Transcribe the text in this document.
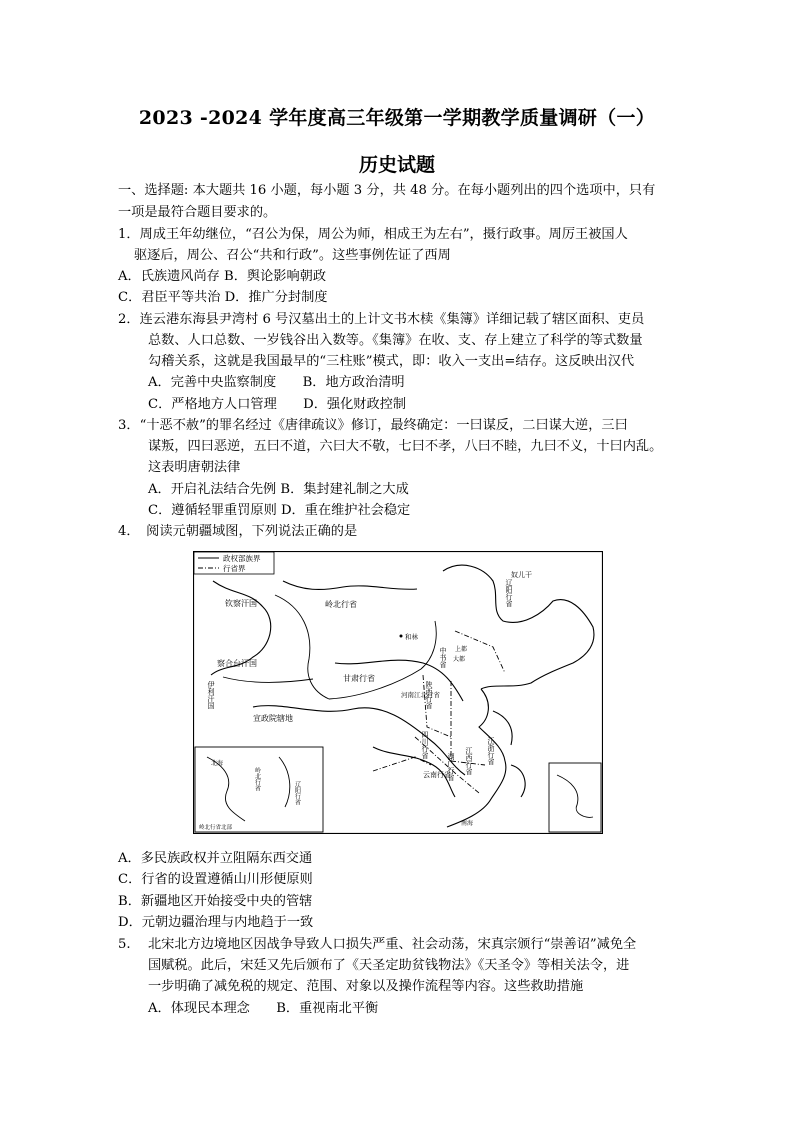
2023 -2024 学年度高三年级第一学期教学质量调研（一）
历史试题
一、选择题: 本大题共 16 小题，每小题 3 分，共 48 分。在每小题列出的四个选项中，只有
一项是最符合题目要求的。
1．周成王年幼继位，“召公为保，周公为师，相成王为左右”，摄行政事。周厉王被国人
驱逐后，周公、召公“共和行政”。这些事例佐证了西周
A．氏族遗风尚存 B．舆论影响朝政
C．君臣平等共治 D．推广分封制度
2．连云港东海县尹湾村 6 号汉墓出土的上计文书木椟《集簿》详细记载了辖区面积、吏员
总数、人口总数、一岁钱谷出入数等。《集簿》在收、支、存上建立了科学的等式数量
勾稽关系，这就是我国最早的“三柱账”模式，即：收入一支出=结存。这反映出汉代
A．完善中央监察制度　　B．地方政治清明
C．严格地方人口管理　　D．强化财政控制
3．“十恶不赦”的罪名经过《唐律疏议》修订，最终确定：一曰谋反，二曰谋大逆，三曰
谋叛，四曰恶逆，五曰不道，六曰大不敬，七曰不孝，八曰不睦，九曰不义，十曰内乱。
这表明唐朝法律
A．开启礼法结合先例 B．集封建礼制之大成
C．遵循轻罪重罚原则 D．重在维护社会稳定
4．　阅读元朝疆域图，下列说法正确的是
政权部族界
行省界
钦察汗国	岭北行省
和林
察合台汗国
甘肃行省
宣政院辖地
云南行省
河南江北行省
奴儿干
大都
上都
南海
岭北行省北部
北海
辽阳行省
伊利汗国
中书省
陕西行省
四川行省	江浙行省
江西行省
湖广行省
岭北行省
辽阳行省
A．多民族政权并立阻隔东西交通
C．行省的设置遵循山川形便原则
B．新疆地区开始接受中央的管辖
D．元朝边疆治理与内地趋于一致
5.　 北宋北方边境地区因战争导致人口损失严重、社会动荡，宋真宗颁行“崇善诏”减免全
国赋税。此后，宋廷又先后颁布了《天圣定助贫钱物法》《天圣令》等相关法令，进
一步明确了减免税的规定、范围、对象以及操作流程等内容。这些救助措施
A．体现民本理念　　B．重视南北平衡
